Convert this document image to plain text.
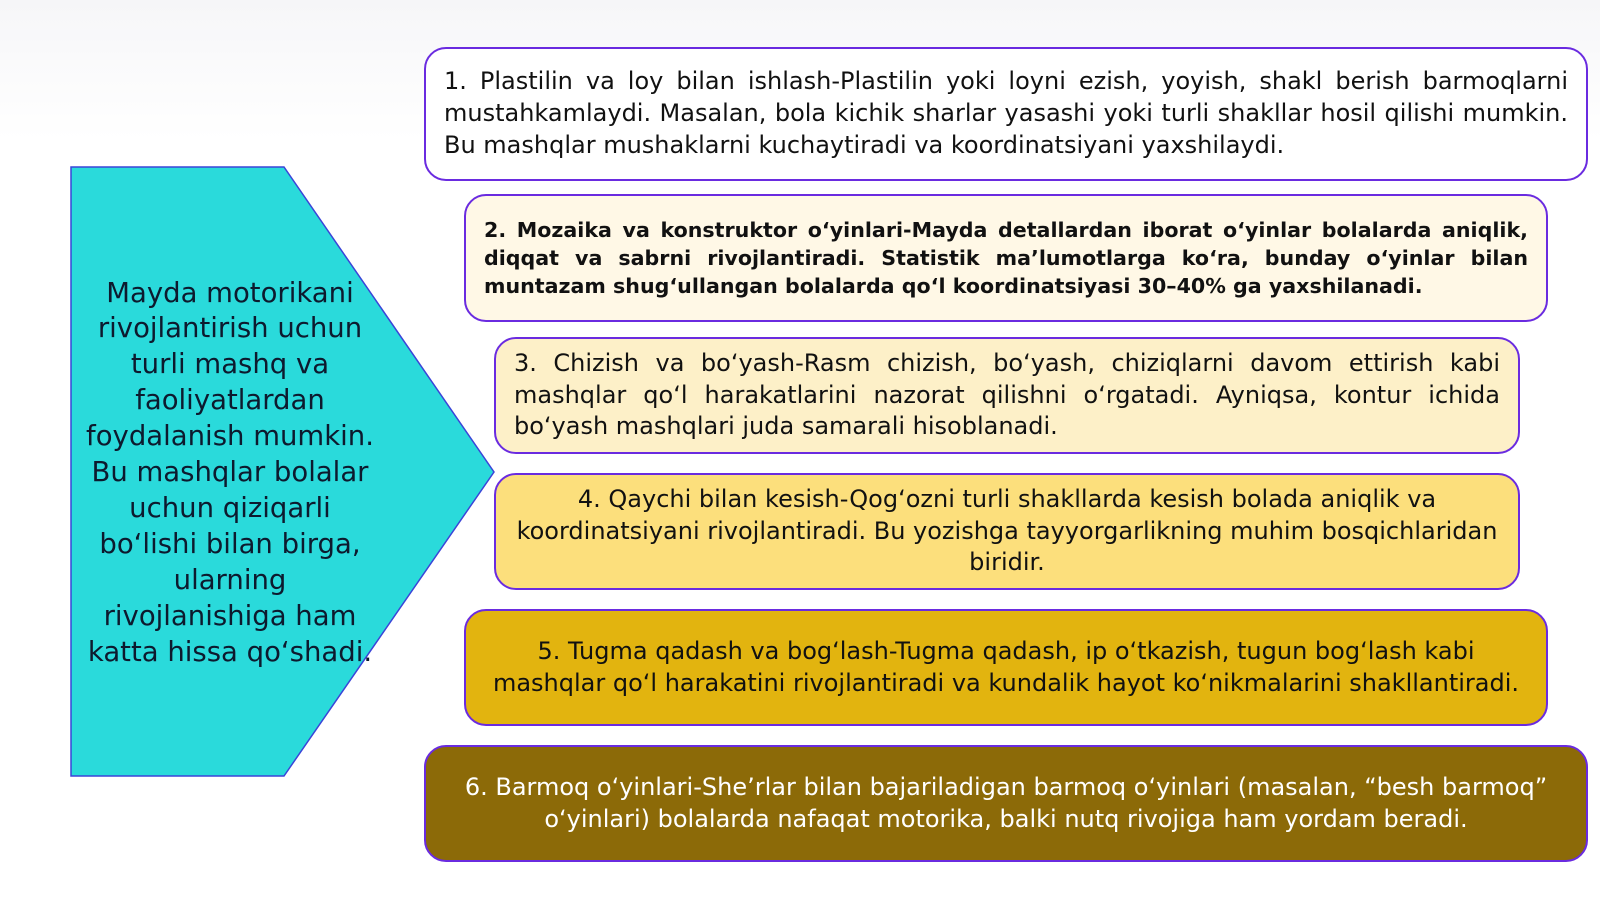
Mayda motorikani rivojlantirish uchun turli mashq va faoliyatlardan foydalanish mumkin. Bu mashqlar bolalar uchun qiziqarli bo‘lishi bilan birga, ularning rivojlanishiga ham katta hissa qo‘shadi.

1. Plastilin va loy bilan ishlash-Plastilin yoki loyni ezish, yoyish, shakl berish barmoqlarni mustahkamlaydi. Masalan, bola kichik sharlar yasashi yoki turli shakllar hosil qilishi mumkin. Bu mashqlar mushaklarni kuchaytiradi va koordinatsiyani yaxshilaydi.

2. Mozaika va konstruktor o‘yinlari-Mayda detallardan iborat o‘yinlar bolalarda aniqlik, diqqat va sabrni rivojlantiradi. Statistik ma’lumotlarga ko‘ra, bunday o‘yinlar bilan muntazam shug‘ullangan bolalarda qo‘l koordinatsiyasi 30–40% ga yaxshilanadi.

3. Chizish va bo‘yash-Rasm chizish, bo‘yash, chiziqlarni davom ettirish kabi mashqlar qo‘l harakatlarini nazorat qilishni o‘rgatadi. Ayniqsa, kontur ichida bo‘yash mashqlari juda samarali hisoblanadi.

4. Qaychi bilan kesish-Qog‘ozni turli shakllarda kesish bolada aniqlik va koordinatsiyani rivojlantiradi. Bu yozishga tayyorgarlikning muhim bosqichlaridan biridir.

5. Tugma qadash va bog‘lash-Tugma qadash, ip o‘tkazish, tugun bog‘lash kabi mashqlar qo‘l harakatini rivojlantiradi va kundalik hayot ko‘nikmalarini shakllantiradi.

6. Barmoq o‘yinlari-She’rlar bilan bajariladigan barmoq o‘yinlari (masalan, “besh barmoq” o‘yinlari) bolalarda nafaqat motorika, balki nutq rivojiga ham yordam beradi.
